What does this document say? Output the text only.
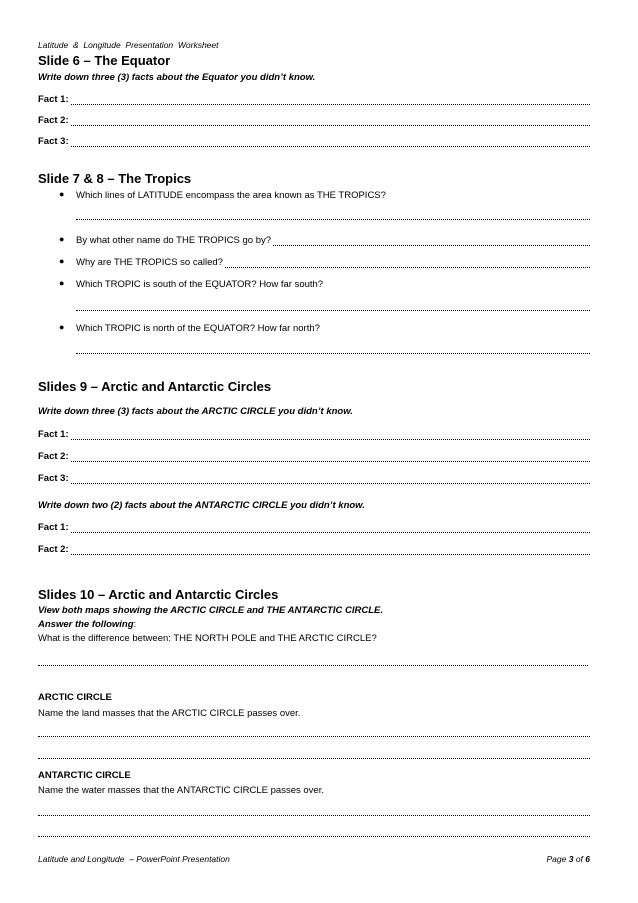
Latitude  &  Longitude  Presentation  Worksheet
Slide 6 – The Equator
Write down three (3) facts about the Equator you didn’t know.
Fact 1:
Fact 2:
Fact 3:
Slide 7 & 8 – The Tropics
● Which lines of LATITUDE encompass the area known as THE TROPICS?
● By what other name do THE TROPICS go by?
● Why are THE TROPICS so called?
● Which TROPIC is south of the EQUATOR? How far south?
● Which TROPIC is north of the EQUATOR? How far north?
Slides 9 – Arctic and Antarctic Circles
Write down three (3) facts about the ARCTIC CIRCLE you didn’t know.
Fact 1:
Fact 2:
Fact 3:
Write down two (2) facts about the ANTARCTIC CIRCLE you didn’t know.
Fact 1:
Fact 2:
Slides 10 – Arctic and Antarctic Circles
View both maps showing the ARCTIC CIRCLE and THE ANTARCTIC CIRCLE.
Answer the following:
What is the difference between: THE NORTH POLE and THE ARCTIC CIRCLE?
ARCTIC CIRCLE
Name the land masses that the ARCTIC CIRCLE passes over.
ANTARCTIC CIRCLE
Name the water masses that the ANTARCTIC CIRCLE passes over.
Latitude and Longitude  – PowerPoint Presentation	Page 3 of 6
